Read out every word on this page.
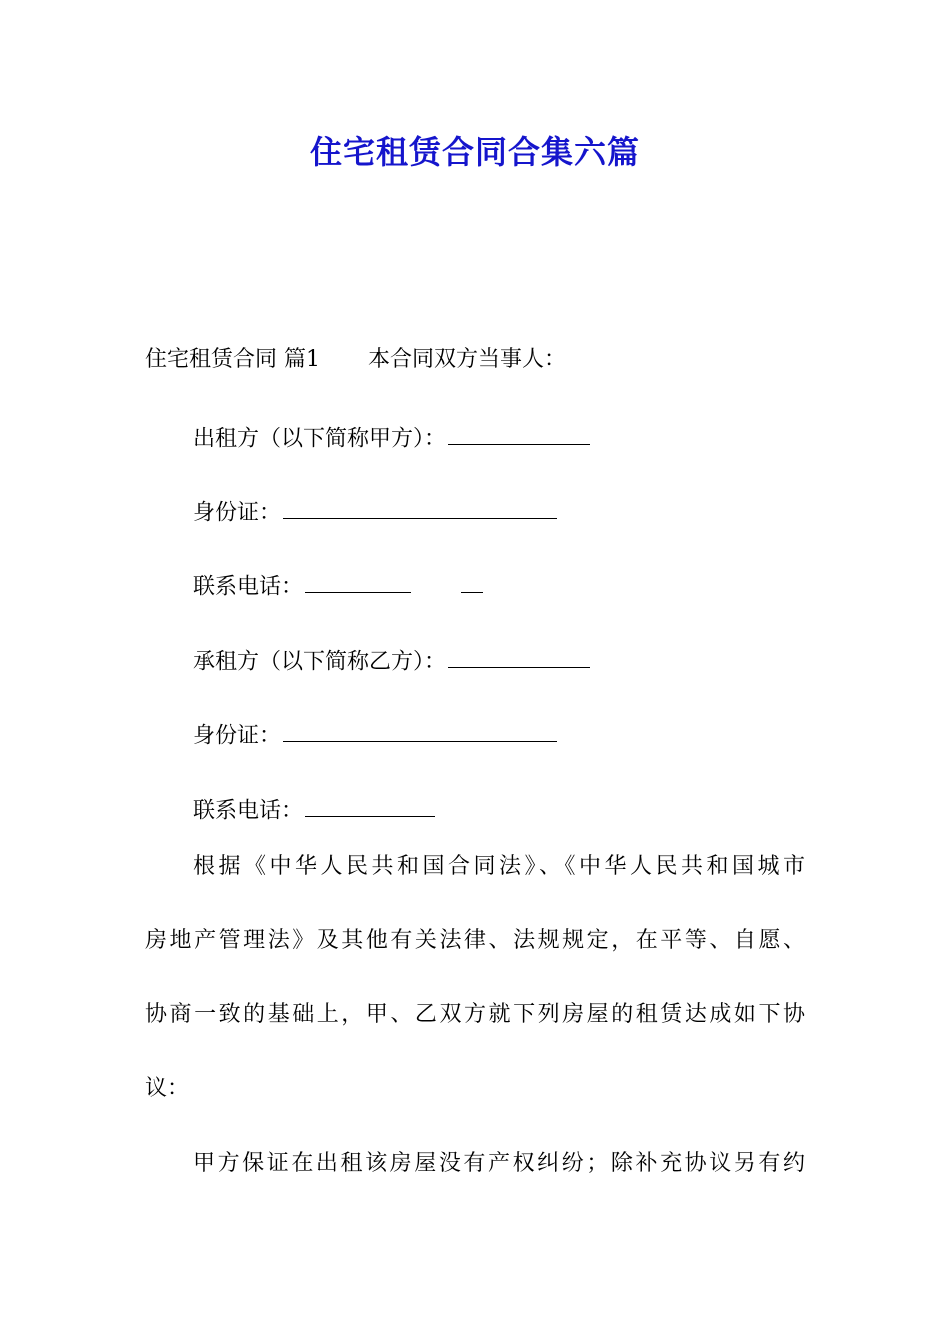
住宅租赁合同合集六篇
住宅租赁合同 篇1 本合同双方当事人：
出租方（以下简称甲方）：
身份证：
联系电话：
承租方（以下简称乙方）：
身份证：
联系电话：
根据《中华人民共和国合同法》、《中华人民共和国城市
房地产管理法》及其他有关法律、法规规定，在平等、自愿、
协商一致的基础上，甲、乙双方就下列房屋的租赁达成如下协
议：
甲方保证在出租该房屋没有产权纠纷；除补充协议另有约
